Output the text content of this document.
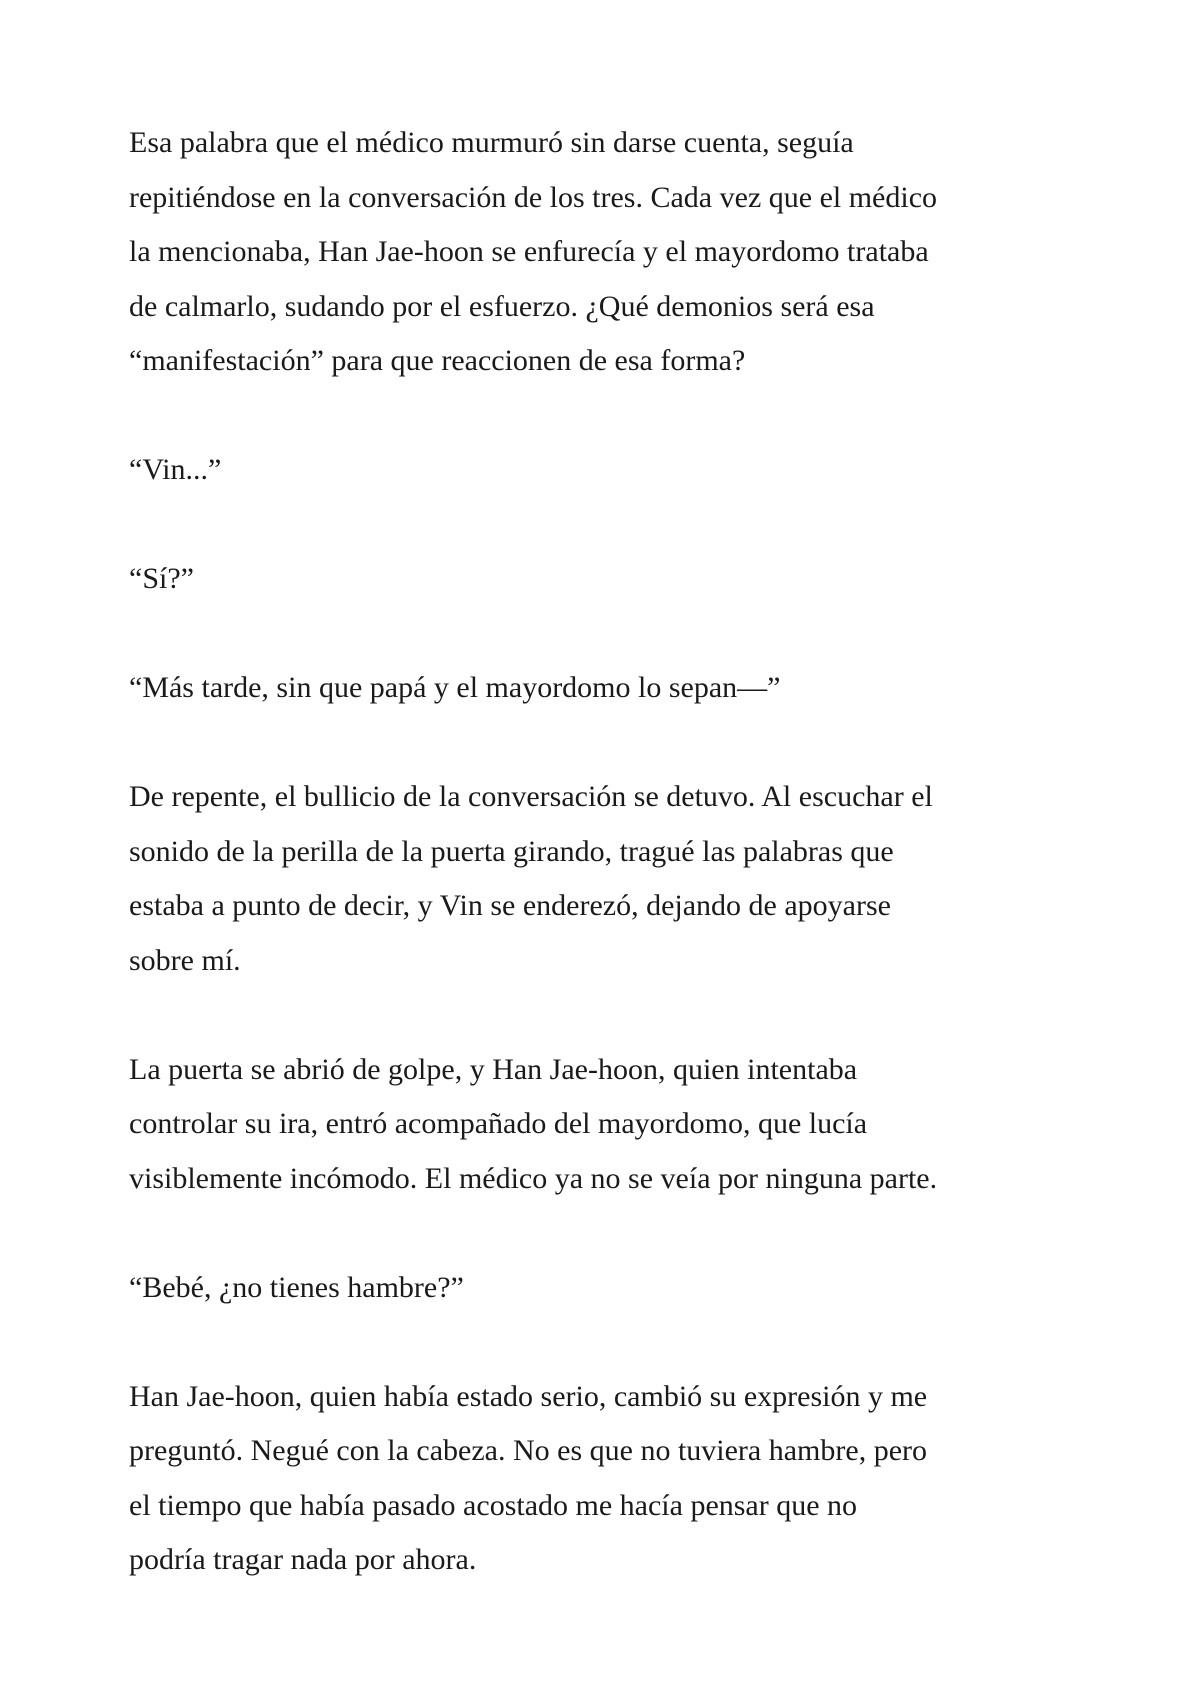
Esa palabra que el médico murmuró sin darse cuenta, seguía
repitiéndose en la conversación de los tres. Cada vez que el médico
la mencionaba, Han Jae-hoon se enfurecía y el mayordomo trataba
de calmarlo, sudando por el esfuerzo. ¿Qué demonios será esa
“manifestación” para que reaccionen de esa forma?
“Vin...”
“Sí?”
“Más tarde, sin que papá y el mayordomo lo sepan—”
De repente, el bullicio de la conversación se detuvo. Al escuchar el
sonido de la perilla de la puerta girando, tragué las palabras que
estaba a punto de decir, y Vin se enderezó, dejando de apoyarse
sobre mí.
La puerta se abrió de golpe, y Han Jae-hoon, quien intentaba
controlar su ira, entró acompañado del mayordomo, que lucía
visiblemente incómodo. El médico ya no se veía por ninguna parte.
“Bebé, ¿no tienes hambre?”
Han Jae-hoon, quien había estado serio, cambió su expresión y me
preguntó. Negué con la cabeza. No es que no tuviera hambre, pero
el tiempo que había pasado acostado me hacía pensar que no
podría tragar nada por ahora.
